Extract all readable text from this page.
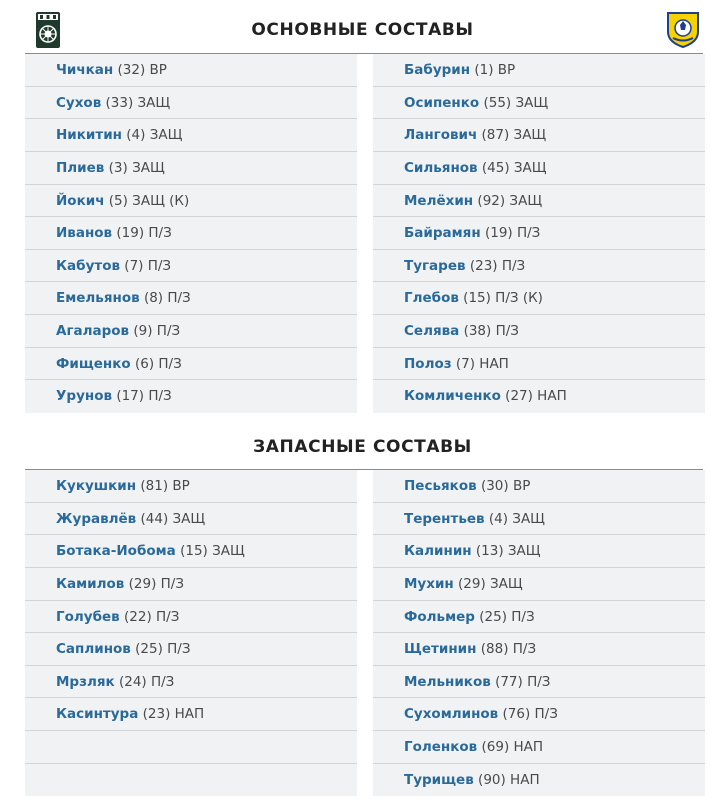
ОСНОВНЫЕ СОСТАВЫ
Чичкан (32) ВР
Сухов (33) ЗАЩ
Никитин (4) ЗАЩ
Плиев (3) ЗАЩ
Йокич (5) ЗАЩ (К)
Иванов (19) П/З
Кабутов (7) П/З
Емельянов (8) П/З
Агаларов (9) П/З
Фищенко (6) П/З
Урунов (17) П/З
Бабурин (1) ВР
Осипенко (55) ЗАЩ
Лангович (87) ЗАЩ
Сильянов (45) ЗАЩ
Мелёхин (92) ЗАЩ
Байрамян (19) П/З
Тугарев (23) П/З
Глебов (15) П/З (К)
Селява (38) П/З
Полоз (7) НАП
Комличенко (27) НАП
ЗАПАСНЫЕ СОСТАВЫ
Кукушкин (81) ВР
Журавлёв (44) ЗАЩ
Ботака-Иобома (15) ЗАЩ
Камилов (29) П/З
Голубев (22) П/З
Саплинов (25) П/З
Мрзляк (24) П/З
Касинтура (23) НАП
Песьяков (30) ВР
Терентьев (4) ЗАЩ
Калинин (13) ЗАЩ
Мухин (29) ЗАЩ
Фольмер (25) П/З
Щетинин (88) П/З
Мельников (77) П/З
Сухомлинов (76) П/З
Голенков (69) НАП
Турищев (90) НАП
